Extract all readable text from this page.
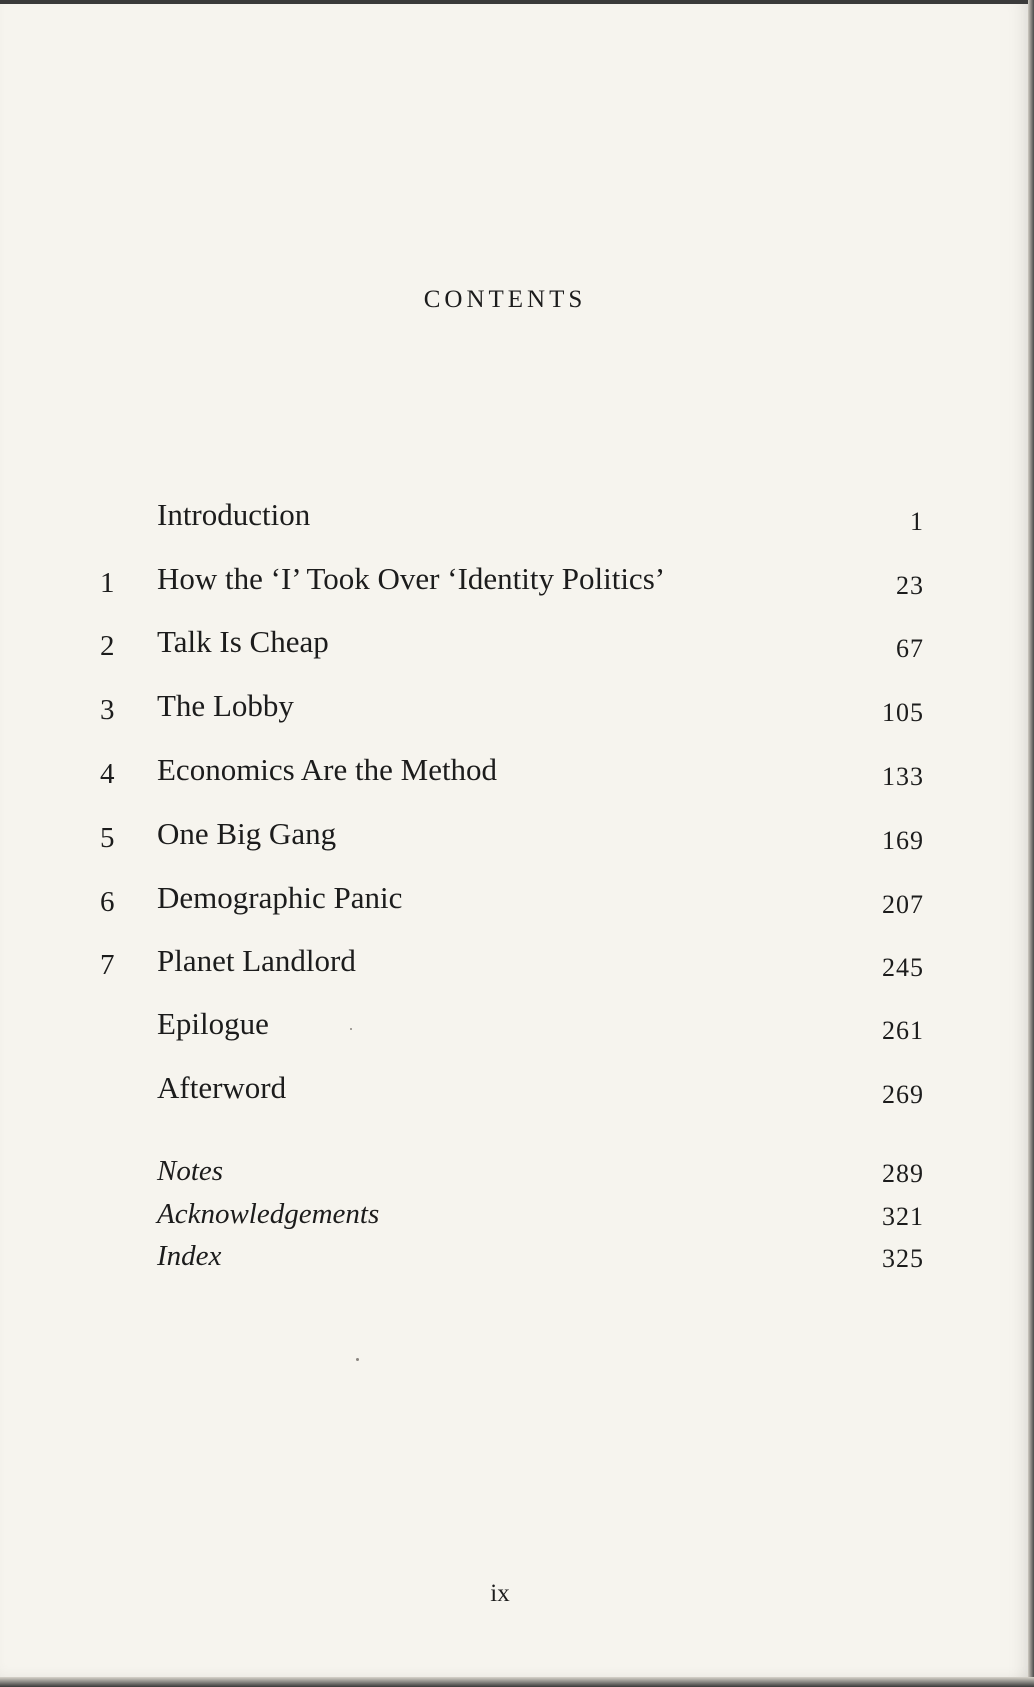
CONTENTS
Introduction	1
1	How the ‘I’ Took Over ‘Identity Politics’	23
2	Talk Is Cheap	67
3	The Lobby	105
4	Economics Are the Method	133
5	One Big Gang	169
6	Demographic Panic	207
7	Planet Landlord	245
Epilogue	261
Afterword	269
Notes	289
Acknowledgements	321
Index	325
ix
